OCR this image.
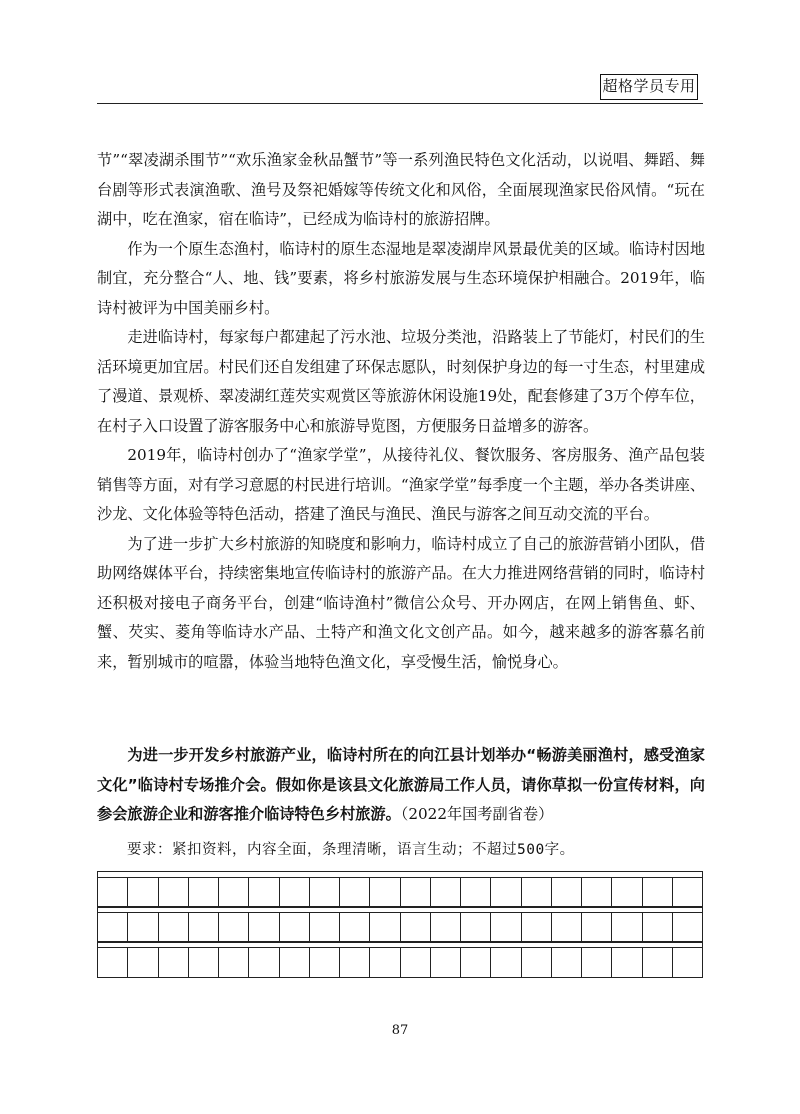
超格学员专用

节”“翠凌湖杀围节”“欢乐渔家金秋品蟹节”等一系列渔民特色文化活动，以说唱、舞蹈、舞台剧等形式表演渔歌、渔号及祭祀婚嫁等传统文化和风俗，全面展现渔家民俗风情。“玩在湖中，吃在渔家，宿在临诗”，已经成为临诗村的旅游招牌。

作为一个原生态渔村，临诗村的原生态湿地是翠凌湖岸风景最优美的区域。临诗村因地制宜，充分整合“人、地、钱”要素，将乡村旅游发展与生态环境保护相融合。2019年，临诗村被评为中国美丽乡村。

走进临诗村，每家每户都建起了污水池、垃圾分类池，沿路装上了节能灯，村民们的生活环境更加宜居。村民们还自发组建了环保志愿队，时刻保护身边的每一寸生态，村里建成了漫道、景观桥、翠凌湖红莲芡实观赏区等旅游休闲设施19处，配套修建了3万个停车位，在村子入口设置了游客服务中心和旅游导览图，方便服务日益增多的游客。

2019年，临诗村创办了“渔家学堂”，从接待礼仪、餐饮服务、客房服务、渔产品包装销售等方面，对有学习意愿的村民进行培训。“渔家学堂”每季度一个主题，举办各类讲座、沙龙、文化体验等特色活动，搭建了渔民与渔民、渔民与游客之间互动交流的平台。

为了进一步扩大乡村旅游的知晓度和影响力，临诗村成立了自己的旅游营销小团队，借助网络媒体平台，持续密集地宣传临诗村的旅游产品。在大力推进网络营销的同时，临诗村还积极对接电子商务平台，创建“临诗渔村”微信公众号、开办网店，在网上销售鱼、虾、蟹、芡实、菱角等临诗水产品、土特产和渔文化文创产品。如今，越来越多的游客慕名前来，暂别城市的喧嚣，体验当地特色渔文化，享受慢生活，愉悦身心。

为进一步开发乡村旅游产业，临诗村所在的向江县计划举办“畅游美丽渔村，感受渔家文化”临诗村专场推介会。假如你是该县文化旅游局工作人员，请你草拟一份宣传材料，向参会旅游企业和游客推介临诗特色乡村旅游。（2022年国考副省卷）
要求：紧扣资料，内容全面，条理清晰，语言生动；不超过500字。
87
